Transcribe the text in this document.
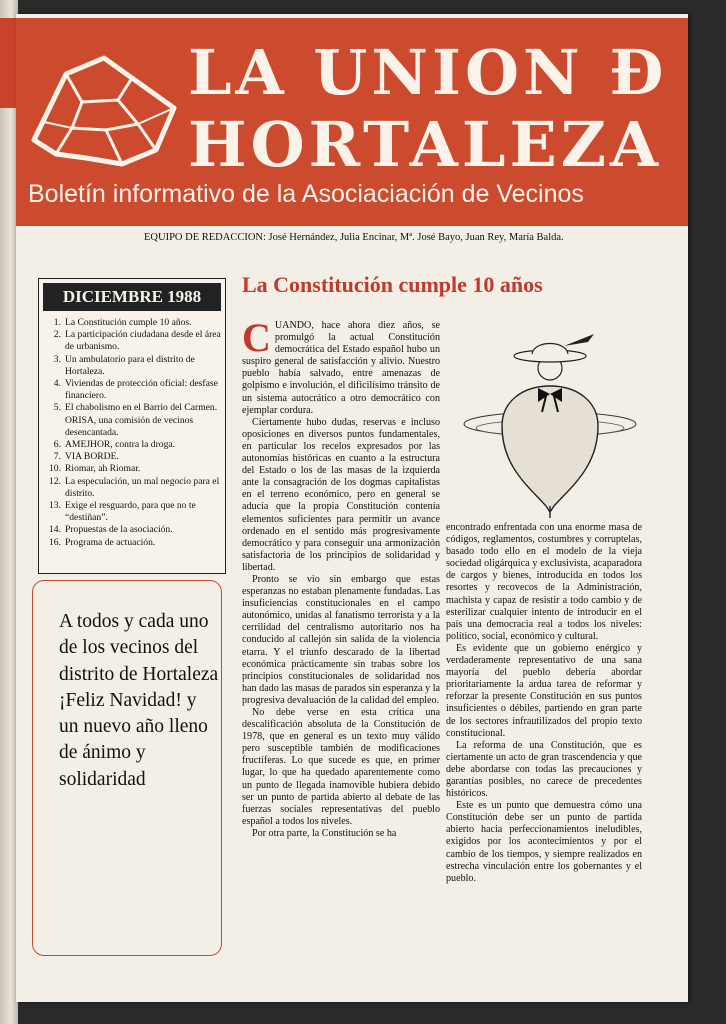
LA UNION Ð
HORTALEZA
Boletín informativo de la Asociaciación de Vecinos
EQUIPO DE REDACCION: José Hernández, Julia Encinar, Mª. José Bayo, Juan Rey, María Balda.
DICIEMBRE 1988
1. La Constitución cumple 10 años.
2. La participación ciudadana desde el área de urbanismo.
3. Un ambulatorio para el distrito de Hortaleza.
4. Viviendas de protección oficial: desfase financiero.
5. El chabolismo en el Barrio del Carmen.
ORISA, una comisión de vecinos desencantada.
6. AMEJHOR, contra la droga.
7. VIA BORDE.
10. Riomar, ah Riomar.
12. La especulación, un mal negocio para el distrito.
13. Exige el resguardo, para que no te “destiñan”.
14. Propuestas de la asociación.
16. Programa de actuación.

A todos y cada uno de los vecinos del distrito de Hortaleza ¡Feliz Navidad! y un nuevo año lleno de ánimo y solidaridad

La Constitución cumple 10 años

CUANDO, hace ahora diez años, se promulgó la actual Constitución democrática del Estado español hubo un suspiro general de satisfacción y alivio. Nuestro pueblo había salvado, entre amenazas de golpismo e involución, el dificilísimo tránsito de un sistema autocrático a otro democrático con ejemplar cordura.

Ciertamente hubo dudas, reservas e incluso oposiciones en diversos puntos fundamentales, en particular los recelos expresados por las autonomías históricas en cuanto a la estructura del Estado o los de las masas de la izquierda ante la consagración de los dogmas capitalistas en el terreno económico, pero en general se aducía que la propia Constitución contenía elementos suficientes para permitir un avance ordenado en el sentido más progresivamente democrático y para conseguir una armonización satisfactoria de los principios de solidaridad y libertad.

Pronto se vio sin embargo que estas esperanzas no estaban plenamente fundadas. Las insuficiencias constitucionales en el campo autonómico, unidas al fanatismo terrorista y a la cerrilidad del centralismo autoritario nos ha conducido al callejón sin salida de la violencia etarra. Y el triunfo descarado de la libertad económica prácticamente sin trabas sobre los principios constitucionales de solidaridad nos han dado las masas de parados sin esperanza y la progresiva devaluación de la calidad del empleo.

No debe verse en esta crítica una descalificación absoluta de la Constitución de 1978, que en general es un texto muy válido pero susceptible también de modificaciones fructíferas. Lo que sucede es que, en primer lugar, lo que ha quedado aparentemente como un punto de llegada inamovible hubiera debido ser un punto de partida abierto al debate de las fuerzas sociales representativas del pueblo español a todos los niveles.

Por otra parte, la Constitución se ha

encontrado enfrentada con una enorme masa de códigos, reglamentos, costumbres y corruptelas, basado todo ello en el modelo de la vieja sociedad oligárquica y exclusivista, acaparadora de cargos y bienes, introducida en todos los resortes y recovecos de la Administración, machista y capaz de resistir a todo cambio y de esterilizar cualquier intento de introducir en el país una democracia real a todos los niveles: político, social, económico y cultural.

Es evidente que un gobierno enérgico y verdaderamente representativo de una sana mayoría del pueblo debería abordar prioritariamente la ardua tarea de reformar y reforzar la presente Constitución en sus puntos insuficientes o débiles, partiendo en gran parte de los sectores infrautilizados del propio texto constitucional.

La reforma de una Constitución, que es ciertamente un acto de gran trascendencia y que debe abordarse con todas las precauciones y garantías posibles, no carece de precedentes históricos.

Este es un punto que demuestra cómo una Constitución debe ser un punto de partida abierto hacia perfeccionamientos ineludibles, exigidos por los acontecimientos y por el cambio de los tiempos, y siempre realizados en estrecha vinculación entre los gobernantes y el pueblo.
